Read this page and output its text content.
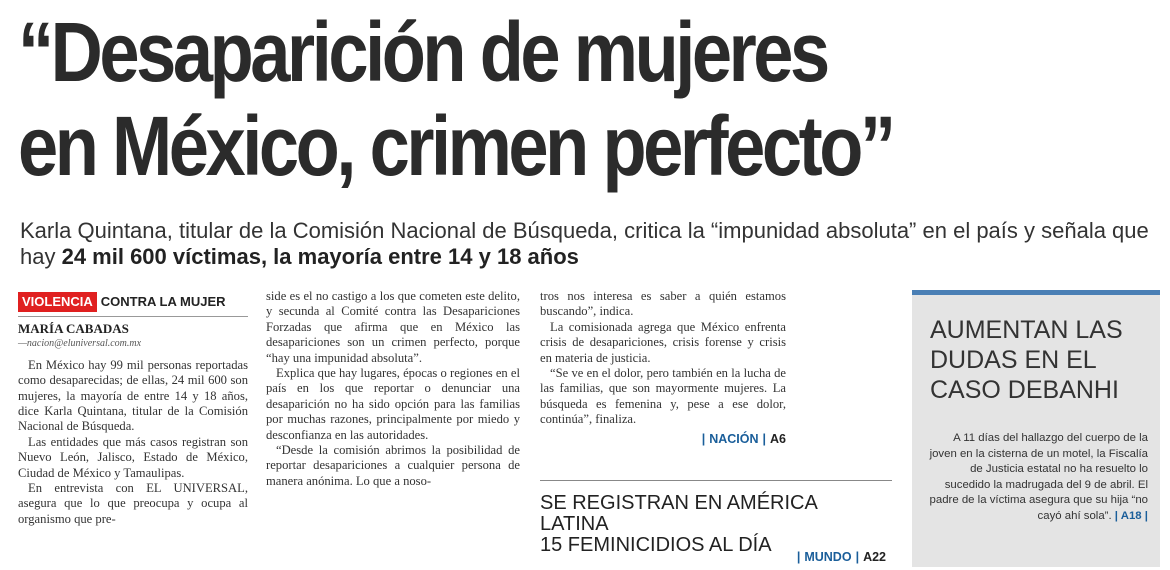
“Desaparición de mujeres
en México, crimen perfecto”
Karla Quintana, titular de la Comisión Nacional de Búsqueda, critica la “impunidad absoluta” en el país y señala que hay 24 mil 600 víctimas, la mayoría entre 14 y 18 años
VIOLENCIA CONTRA LA MUJER
MARÍA CABADAS
—nacion@eluniversal.com.mx

En México hay 99 mil personas reportadas como desaparecidas; de ellas, 24 mil 600 son mujeres, la mayoría de entre 14 y 18 años, dice Karla Quintana, titular de la Comisión Nacional de Búsqueda.

Las entidades que más casos registran son Nuevo León, Jalisco, Estado de México, Ciudad de México y Tamaulipas.

En entrevista con EL UNIVERSAL, asegura que lo que preocupa y ocupa al organismo que pre-

side es el no castigo a los que cometen este delito, y secunda al Comité contra las Desapariciones Forzadas que afirma que en México las desapariciones son un crimen perfecto, porque “hay una impunidad absoluta”.

Explica que hay lugares, épocas o regiones en el país en los que reportar o denunciar una desaparición no ha sido opción para las familias por muchas razones, principalmente por miedo y desconfianza en las autoridades.

“Desde la comisión abrimos la posibilidad de reportar desapariciones a cualquier persona de manera anónima. Lo que a noso-

tros nos interesa es saber a quién estamos buscando”, indica.

La comisionada agrega que México enfrenta crisis de desapariciones, crisis forense y crisis en materia de justicia.

“Se ve en el dolor, pero también en la lucha de las familias, que son mayormente mujeres. La búsqueda es femenina y, pese a ese dolor, continúa”, finaliza.

| NACIÓN | A6
SE REGISTRAN EN AMÉRICA LATINA
15 FEMINICIDIOS AL DÍA
| MUNDO | A22
AUMENTAN LAS
DUDAS EN EL
CASO DEBANHI
A 11 días del hallazgo del cuerpo de la joven en la cisterna de un motel, la Fiscalía de Justicia estatal no ha resuelto lo sucedido la madrugada del 9 de abril. El padre de la víctima asegura que su hija “no cayó ahí sola”. | A18 |
